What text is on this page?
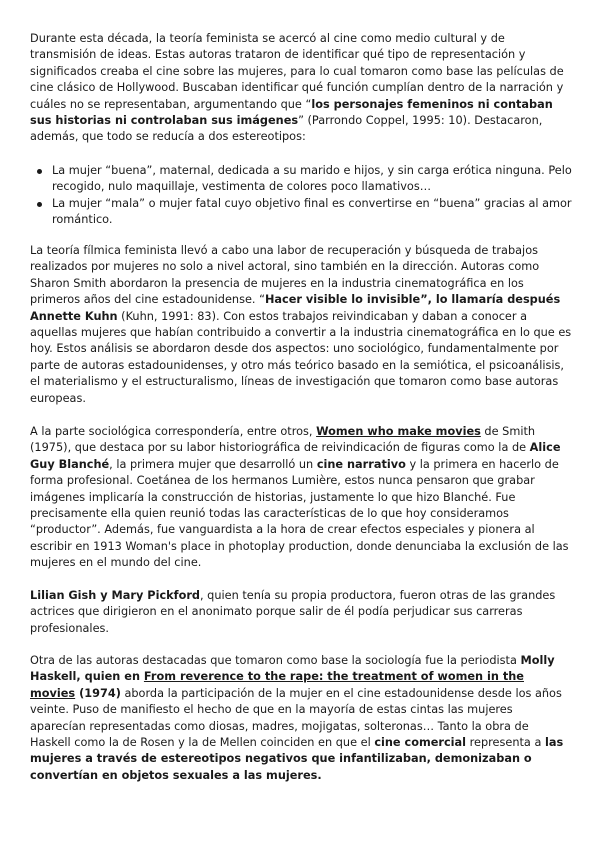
Durante esta década, la teoría feminista se acercó al cine como medio cultural y de transmisión de ideas. Estas autoras trataron de identificar qué tipo de representación y significados creaba el cine sobre las mujeres, para lo cual tomaron como base las películas de cine clásico de Hollywood. Buscaban identificar qué función cumplían dentro de la narración y cuáles no se representaban, argumentando que “los personajes femeninos ni contaban sus historias ni controlaban sus imágenes” (Parrondo Coppel, 1995: 10). Destacaron, además, que todo se reducía a dos estereotipos:

La mujer “buena”, maternal, dedicada a su marido e hijos, y sin carga erótica ninguna. Pelo recogido, nulo maquillaje, vestimenta de colores poco llamativos…
La mujer “mala” o mujer fatal cuyo objetivo final es convertirse en “buena” gracias al amor romántico.

La teoría fílmica feminista llevó a cabo una labor de recuperación y búsqueda de trabajos realizados por mujeres no solo a nivel actoral, sino también en la dirección. Autoras como Sharon Smith abordaron la presencia de mujeres en la industria cinematográfica en los primeros años del cine estadounidense. “Hacer visible lo invisible”, lo llamaría después Annette Kuhn (Kuhn, 1991: 83). Con estos trabajos reivindicaban y daban a conocer a aquellas mujeres que habían contribuido a convertir a la industria cinematográfica en lo que es hoy. Estos análisis se abordaron desde dos aspectos: uno sociológico, fundamentalmente por parte de autoras estadounidenses, y otro más teórico basado en la semiótica, el psicoanálisis, el materialismo y el estructuralismo, líneas de investigación que tomaron como base autoras europeas.

A la parte sociológica correspondería, entre otros, Women who make movies de Smith (1975), que destaca por su labor historiográfica de reivindicación de figuras como la de Alice Guy Blanché, la primera mujer que desarrolló un cine narrativo y la primera en hacerlo de forma profesional. Coetánea de los hermanos Lumière, estos nunca pensaron que grabar imágenes implicaría la construcción de historias, justamente lo que hizo Blanché. Fue precisamente ella quien reunió todas las características de lo que hoy consideramos “productor”. Además, fue vanguardista a la hora de crear efectos especiales y pionera al escribir en 1913 Woman's place in photoplay production, donde denunciaba la exclusión de las mujeres en el mundo del cine.

Lilian Gish y Mary Pickford, quien tenía su propia productora, fueron otras de las grandes actrices que dirigieron en el anonimato porque salir de él podía perjudicar sus carreras profesionales.

Otra de las autoras destacadas que tomaron como base la sociología fue la periodista Molly Haskell, quien en From reverence to the rape: the treatment of women in the movies (1974) aborda la participación de la mujer en el cine estadounidense desde los años veinte. Puso de manifiesto el hecho de que en la mayoría de estas cintas las mujeres aparecían representadas como diosas, madres, mojigatas, solteronas… Tanto la obra de Haskell como la de Rosen y la de Mellen coinciden en que el cine comercial representa a las mujeres a través de estereotipos negativos que infantilizaban, demonizaban o convertían en objetos sexuales a las mujeres.
